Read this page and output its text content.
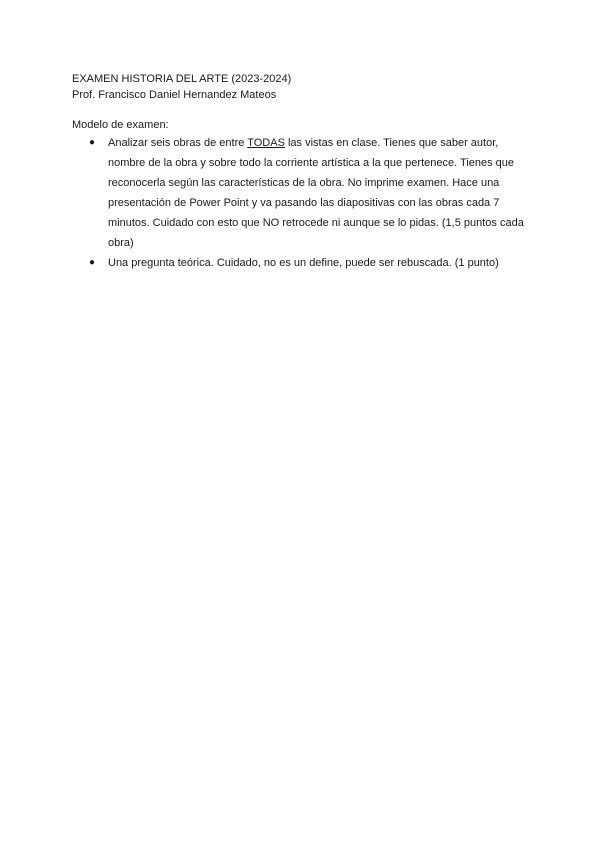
EXAMEN HISTORIA DEL ARTE (2023-2024)
Prof. Francisco Daniel Hernandez Mateos
Modelo de examen:
● Analizar seis obras de entre TODAS las vistas en clase. Tienes que saber autor, nombre de la obra y sobre todo la corriente artística a la que pertenece. Tienes que reconocerla según las características de la obra. No imprime examen. Hace una presentación de Power Point y va pasando las diapositivas con las obras cada 7 minutos. Cuidado con esto que NO retrocede ni aunque se lo pidas. (1,5 puntos cada obra)
● Una pregunta teórica. Cuidado, no es un define, puede ser rebuscada. (1 punto)
